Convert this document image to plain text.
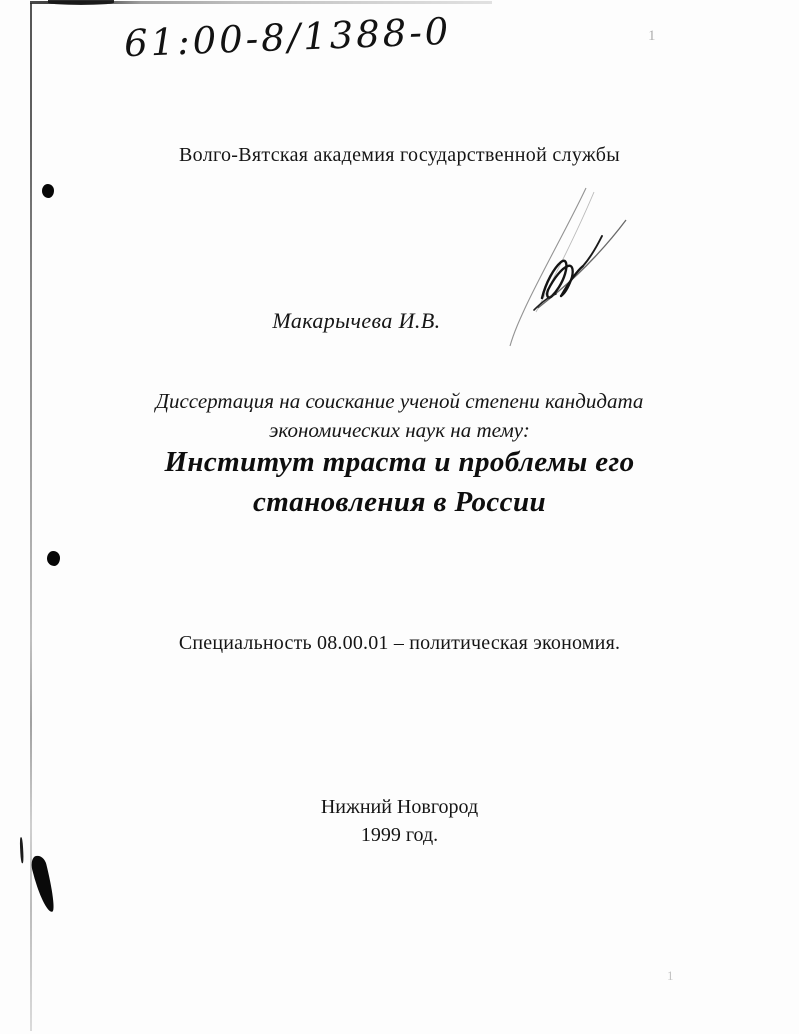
1
1
61:00-8/1388-0
Волго-Вятская академия государственной службы
Макарычева И.В.
Диссертация на соискание ученой степени кандидата
экономических наук на тему:
Институт траста и проблемы его
становления в России
Специальность 08.00.01 – политическая экономия.
Нижний Новгород
1999 год.
